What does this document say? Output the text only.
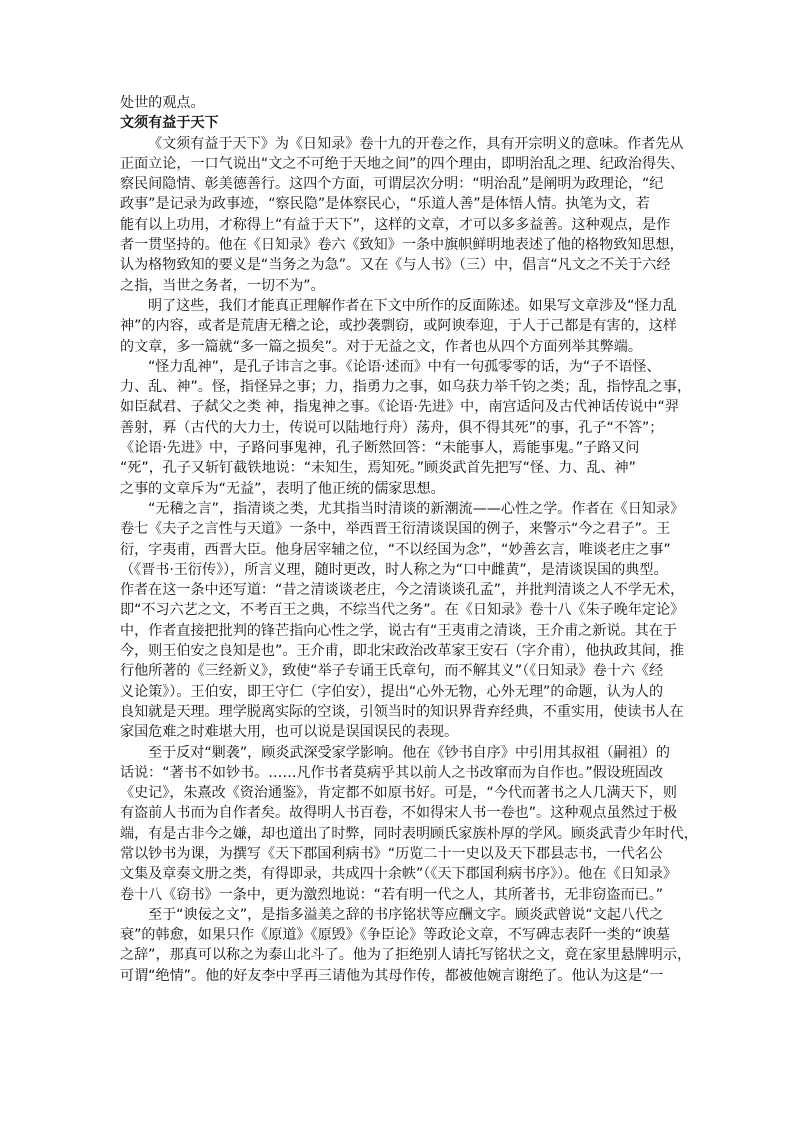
处世的观点。
文须有益于天下
《文须有益于天下》为《日知录》卷十九的开卷之作，具有开宗明义的意味。作者先从
正面立论，一口气说出“文之不可绝于天地之间”的四个理由，即明治乱之理、纪政治得失、
察民间隐情、彰美德善行。这四个方面，可谓层次分明：“明治乱”是阐明为政理论，“纪
政事”是记录为政事迹，“察民隐”是体察民心，“乐道人善”是体悟人情。执笔为文，若
能有以上功用，才称得上“有益于天下”，这样的文章，才可以多多益善。这种观点，是作
者一贯坚持的。他在《日知录》卷六《致知》一条中旗帜鲜明地表述了他的格物致知思想，
认为格物致知的要义是“当务之为急”。又在《与人书》（三）中，倡言“凡文之不关于六经
之指，当世之务者，一切不为”。
明了这些，我们才能真正理解作者在下文中所作的反面陈述。如果写文章涉及“怪力乱
神”的内容，或者是荒唐无稽之论，或抄袭剽窃，或阿谀奉迎，于人于己都是有害的，这样
的文章，多一篇就“多一篇之损矣”。对于无益之文，作者也从四个方面列举其弊端。
“怪力乱神”，是孔子讳言之事。《论语·述而》中有一句孤零零的话，为“子不语怪、
力、乱、神”。怪，指怪异之事；力，指勇力之事，如乌获力举千钧之类；乱，指悖乱之事，
如臣弑君、子弑父之类 神，指鬼神之事。《论语·先进》中，南宫适问及古代神话传说中“羿
善射，奡（古代的大力士，传说可以陆地行舟）荡舟，俱不得其死”的事，孔子“不答”；
《论语·先进》中，子路问事鬼神，孔子断然回答：“未能事人，焉能事鬼。”子路又问
“死”，孔子又斩钉截铁地说：“未知生，焉知死。”顾炎武首先把写“怪、力、乱、神”
之事的文章斥为“无益”，表明了他正统的儒家思想。
“无稽之言”，指清谈之类，尤其指当时清谈的新潮流——心性之学。作者在《日知录》
卷七《夫子之言性与天道》一条中，举西晋王衍清谈误国的例子，来警示“今之君子”。王
衍，字夷甫，西晋大臣。他身居宰辅之位，“不以经国为念”，“妙善玄言，唯谈老庄之事”
（《晋书·王衍传》），所言义理，随时更改，时人称之为“口中雌黄”，是清谈误国的典型。
作者在这一条中还写道：“昔之清谈谈老庄，今之清谈谈孔孟”，并批判清谈之人不学无术，
即“不习六艺之文，不考百王之典，不综当代之务”。在《日知录》卷十八《朱子晚年定论》
中，作者直接把批判的锋芒指向心性之学，说古有“王夷甫之清谈，王介甫之新说。其在于
今，则王伯安之良知是也”。王介甫，即北宋政治改革家王安石（字介甫），他执政其间，推
行他所著的《三经新义》，致使“举子专诵王氏章句，而不解其义”（《日知录》卷十六《经
义论策》）。王伯安，即王守仁（字伯安），提出“心外无物，心外无理”的命题，认为人的
良知就是天理。理学脱离实际的空谈，引领当时的知识界背弃经典，不重实用，使读书人在
家国危难之时难堪大用，也可以说是误国误民的表现。
至于反对“剿袭”，顾炎武深受家学影响。他在《钞书自序》中引用其叔祖（嗣祖）的
话说：“著书不如钞书。……凡作书者莫病乎其以前人之书改窜而为自作也。”假设班固改
《史记》，朱熹改《资治通鉴》，肯定都不如原书好。可是，“今代而著书之人几满天下，则
有盗前人书而为自作者矣。故得明人书百卷，不如得宋人书一卷也”。这种观点虽然过于极
端，有是古非今之嫌，却也道出了时弊，同时表明顾氏家族朴厚的学风。顾炎武青少年时代，
常以钞书为课，为撰写《天下郡国利病书》“历览二十一史以及天下郡县志书，一代名公
文集及章奏文册之类，有得即录，共成四十余帙”（《天下郡国利病书序》）。他在《日知录》
卷十八《窃书》一条中，更为激烈地说：“若有明一代之人，其所著书，无非窃盗而已。”
至于“谀佞之文”，是指多溢美之辞的书序铭状等应酬文字。顾炎武曾说“文起八代之
衰”的韩愈，如果只作《原道》《原毁》《争臣论》等政论文章，不写碑志表阡一类的“谀墓
之辞”，那真可以称之为泰山北斗了。他为了拒绝别人请托写铭状之文，竟在家里悬牌明示，
可谓“绝情”。他的好友李中孚再三请他为其母作传，都被他婉言谢绝了。他认为这是“一
